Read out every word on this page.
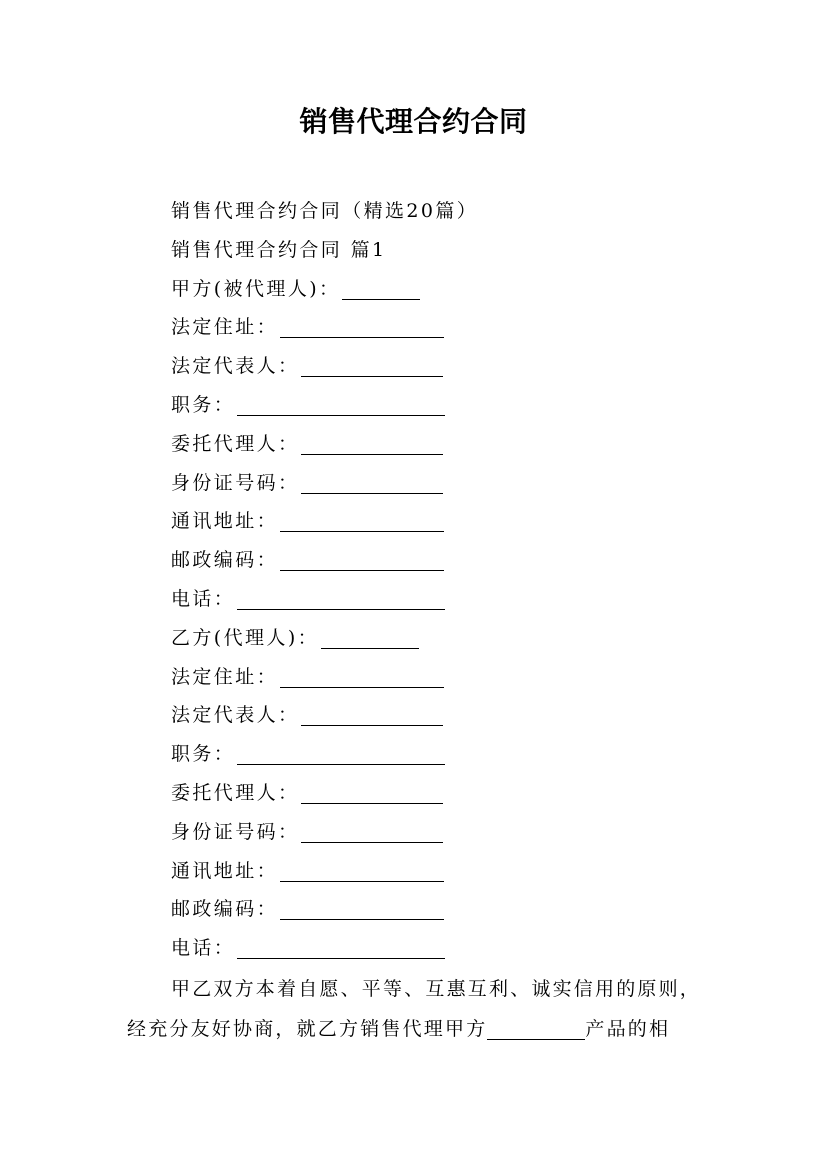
销售代理合约合同
销售代理合约合同（精选20篇）
销售代理合约合同 篇1
甲方(被代理人)：
法定住址：
法定代表人：
职务：
委托代理人：
身份证号码：
通讯地址：
邮政编码：
电话：
乙方(代理人)：
法定住址：
法定代表人：
职务：
委托代理人：
身份证号码：
通讯地址：
邮政编码：
电话：
甲乙双方本着自愿、平等、互惠互利、诚实信用的原则，
经充分友好协商，就乙方销售代理甲方	产品的相
